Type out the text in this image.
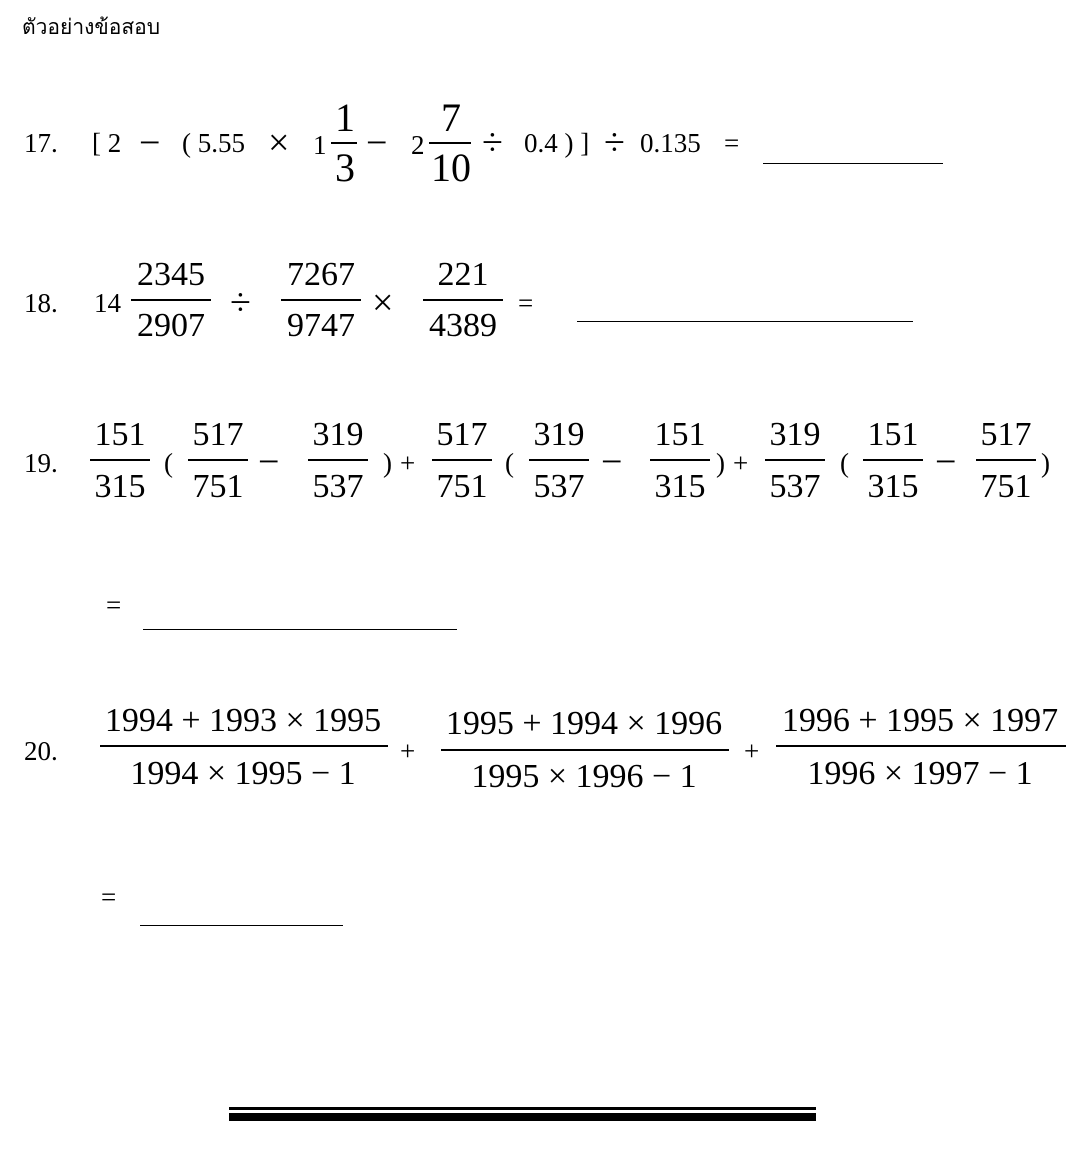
ตัวอย่างข้อสอบ
17. [ 2 − ( 5.55 × 1
1
3
− 2
7
10
÷ 0.4 ) ] ÷ 0.135 =
18. 14
2345
2907
÷
7267
9747
×
221
4389
=
19.
151
315
(
517
751
−
319
537
) +
517
751
(
319
537
−
151
315
) +
319
537
(
151
315
−
517
751
)
=
20.
1994 + 1993 × 1995
1994 × 1995 − 1
+
1995 + 1994 × 1996
1995 × 1996 − 1
+
1996 + 1995 × 1997
1996 × 1997 − 1
=
